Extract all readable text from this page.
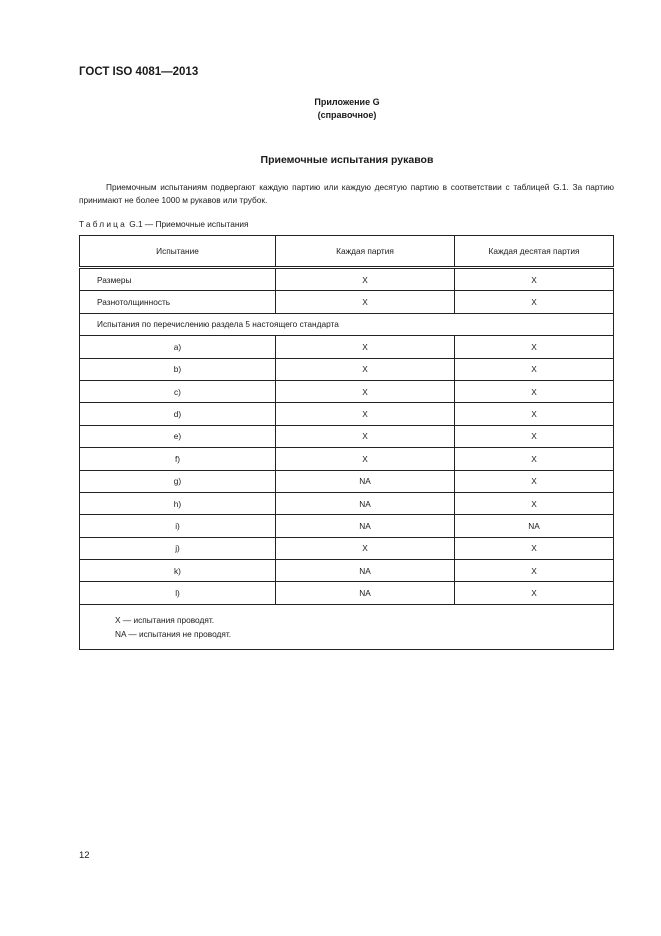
ГОСТ ISO 4081—2013
Приложение G
(справочное)
Приемочные испытания рукавов
Приемочным испытаниям подвергают каждую партию или каждую десятую партию в соответствии с таблицей G.1. За партию принимают не более 1000 м рукавов или трубок.
Таблица G.1 — Приемочные испытания
Испытание	Каждая партия	Каждая десятая партия
Размеры	X	X
Разнотолщинность	X	X
Испытания по перечислению раздела 5 настоящего стандарта		
a)	X	X
b)	X	X
c)	X	X
d)	X	X
e)	X	X
f)	X	X
g)	NA	X
h)	NA	X
i)	NA	NA
j)	X	X
k)	NA	X
l)	NA	X

X — испытания проводят.
NA — испытания не проводят.		
12
